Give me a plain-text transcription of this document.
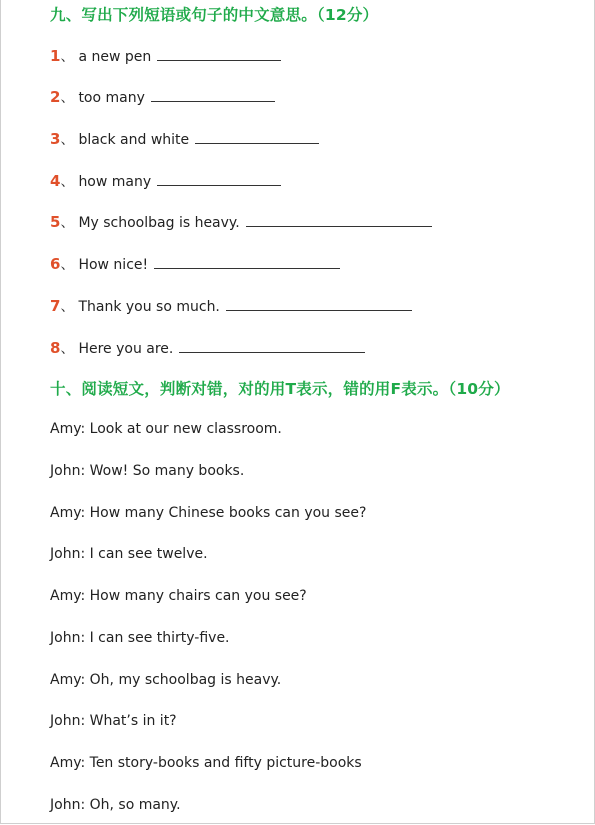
九、写出下列短语或句子的中文意思。（12分）
1 、 a new pen
2 、 too many
3 、 black and white
4 、 how many
5 、 My schoolbag is heavy.
6 、 How nice!
7 、 Thank you so much.
8 、 Here you are.
十、阅读短文，判断对错，对的用T表示，错的用F表示。（10分）
Amy: Look at our new classroom.
John: Wow! So many books.
Amy: How many Chinese books can you see?
John: I can see twelve.
Amy: How many chairs can you see?
John: I can see thirty-five.
Amy: Oh, my schoolbag is heavy.
John: What’s in it?
Amy: Ten story-books and fifty picture-books
John: Oh, so many.
